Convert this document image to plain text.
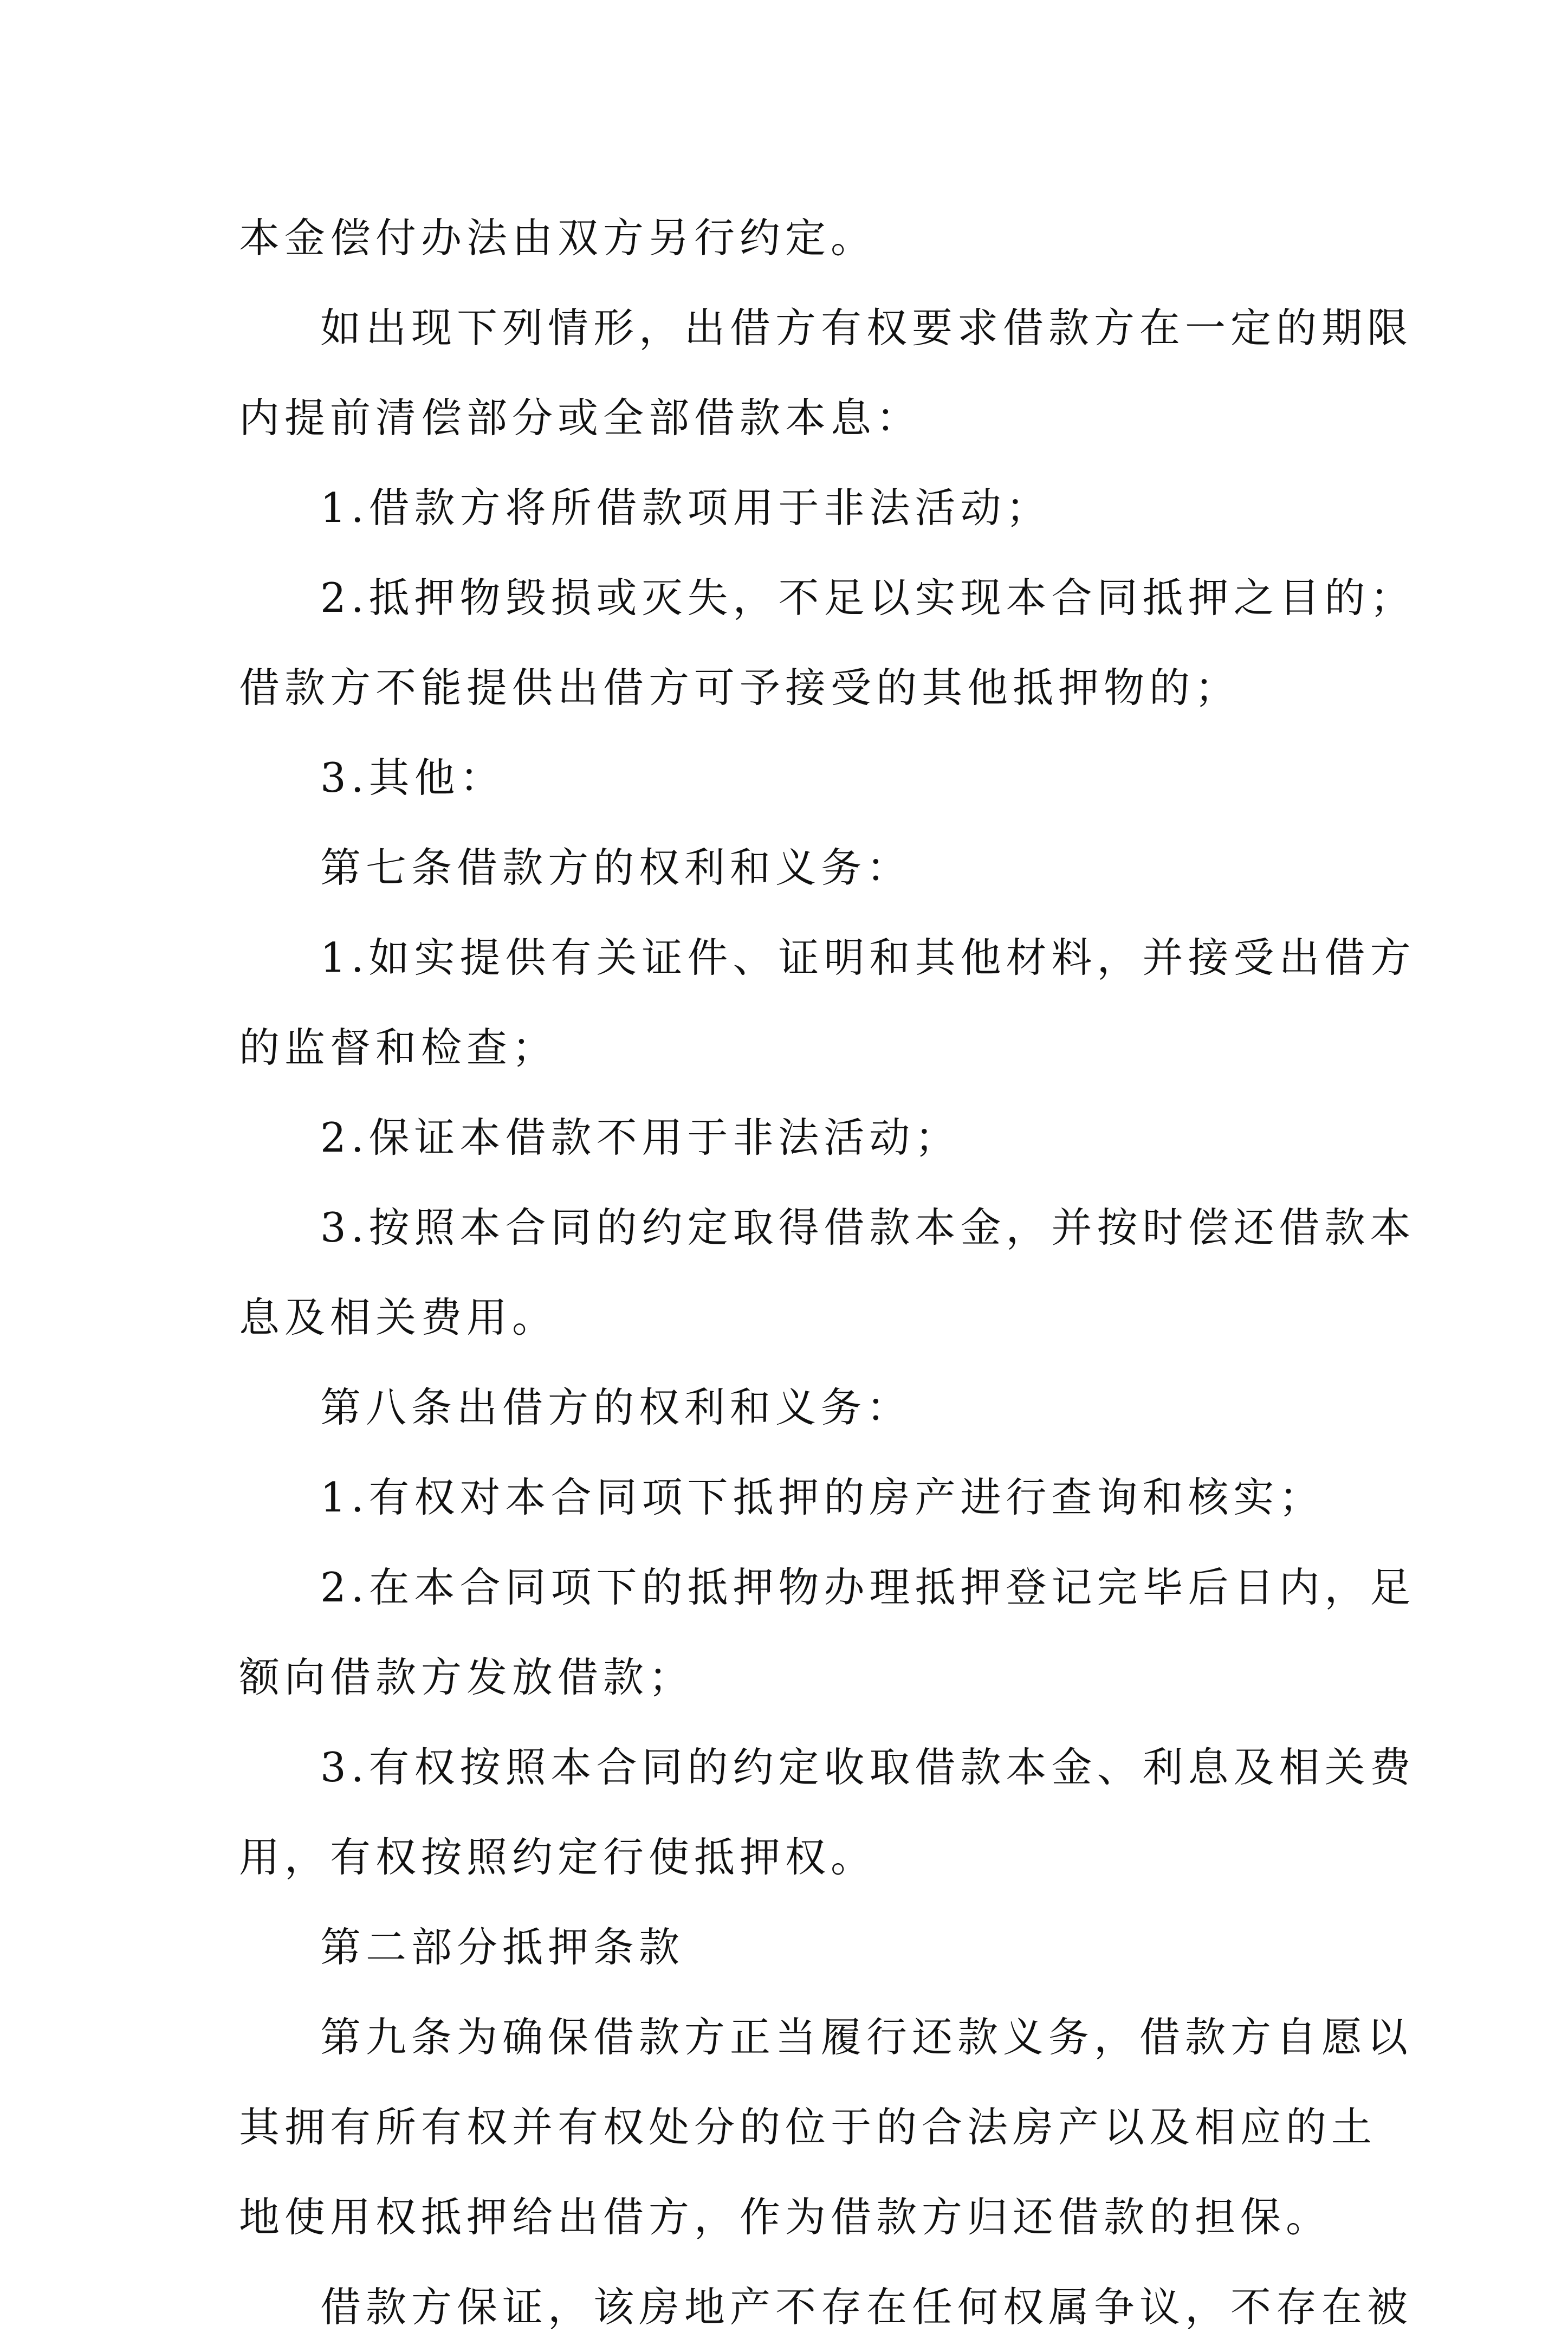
本金偿付办法由双方另行约定。

如出现下列情形，出借方有权要求借款方在一定的期限

内提前清偿部分或全部借款本息：

1.借款方将所借款项用于非法活动；

2.抵押物毁损或灭失，不足以实现本合同抵押之目的；

借款方不能提供出借方可予接受的其他抵押物的；

3.其他：

第七条借款方的权利和义务：

1.如实提供有关证件、证明和其他材料，并接受出借方

的监督和检查；

2.保证本借款不用于非法活动；

3.按照本合同的约定取得借款本金，并按时偿还借款本

息及相关费用。

第八条出借方的权利和义务：

1.有权对本合同项下抵押的房产进行查询和核实；

2.在本合同项下的抵押物办理抵押登记完毕后日内，足

额向借款方发放借款；

3.有权按照本合同的约定收取借款本金、利息及相关费

用，有权按照约定行使抵押权。

第二部分抵押条款

第九条为确保借款方正当履行还款义务，借款方自愿以

其拥有所有权并有权处分的位于的合法房产以及相应的土

地使用权抵押给出借方，作为借款方归还借款的担保。

借款方保证，该房地产不存在任何权属争议，不存在被
